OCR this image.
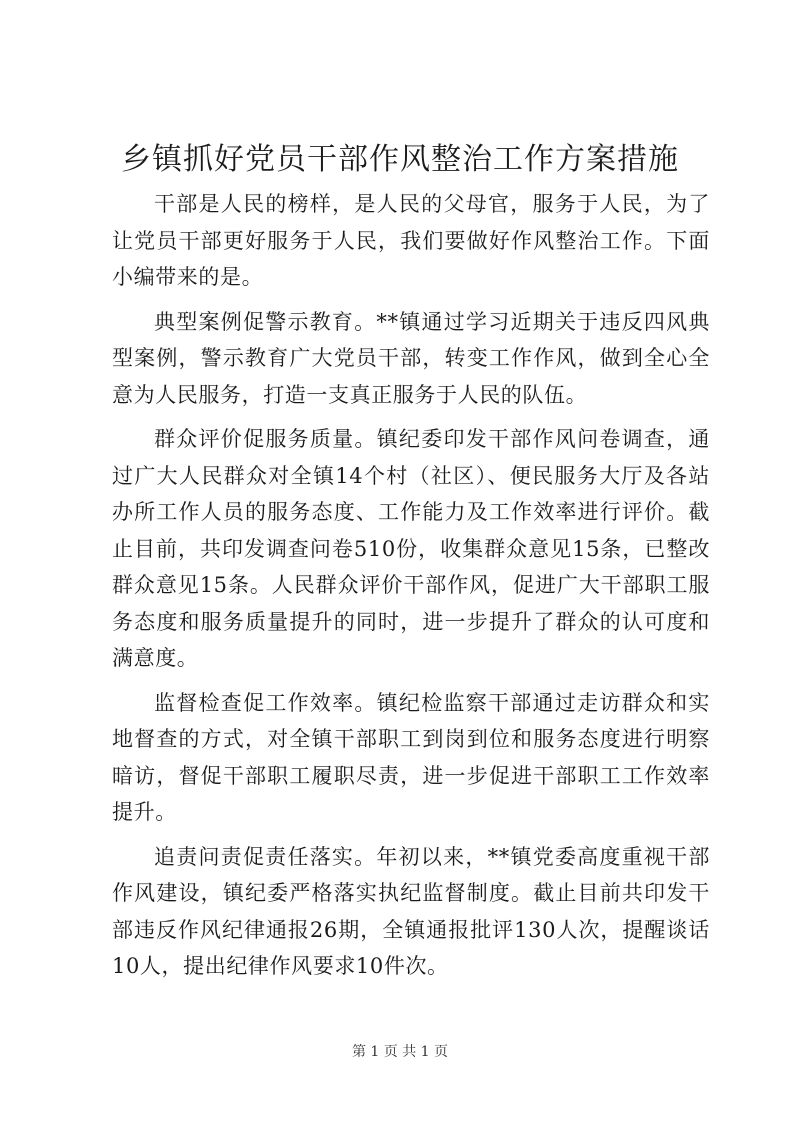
乡镇抓好党员干部作风整治工作方案措施

干部是人民的榜样，是人民的父母官，服务于人民，为了让党员干部更好服务于人民，我们要做好作风整治工作。下面小编带来的是。

典型案例促警示教育。**镇通过学习近期关于违反四风典型案例，警示教育广大党员干部，转变工作作风，做到全心全意为人民服务，打造一支真正服务于人民的队伍。

群众评价促服务质量。镇纪委印发干部作风问卷调查，通过广大人民群众对全镇14个村（社区）、便民服务大厅及各站办所工作人员的服务态度、工作能力及工作效率进行评价。截止目前，共印发调查问卷510份，收集群众意见15条，已整改群众意见15条。人民群众评价干部作风，促进广大干部职工服务态度和服务质量提升的同时，进一步提升了群众的认可度和满意度。

监督检查促工作效率。镇纪检监察干部通过走访群众和实地督查的方式，对全镇干部职工到岗到位和服务态度进行明察暗访，督促干部职工履职尽责，进一步促进干部职工工作效率提升。

追责问责促责任落实。年初以来，**镇党委高度重视干部作风建设，镇纪委严格落实执纪监督制度。截止目前共印发干部违反作风纪律通报26期，全镇通报批评130人次，提醒谈话10人，提出纪律作风要求10件次。

第 1 页 共 1 页
